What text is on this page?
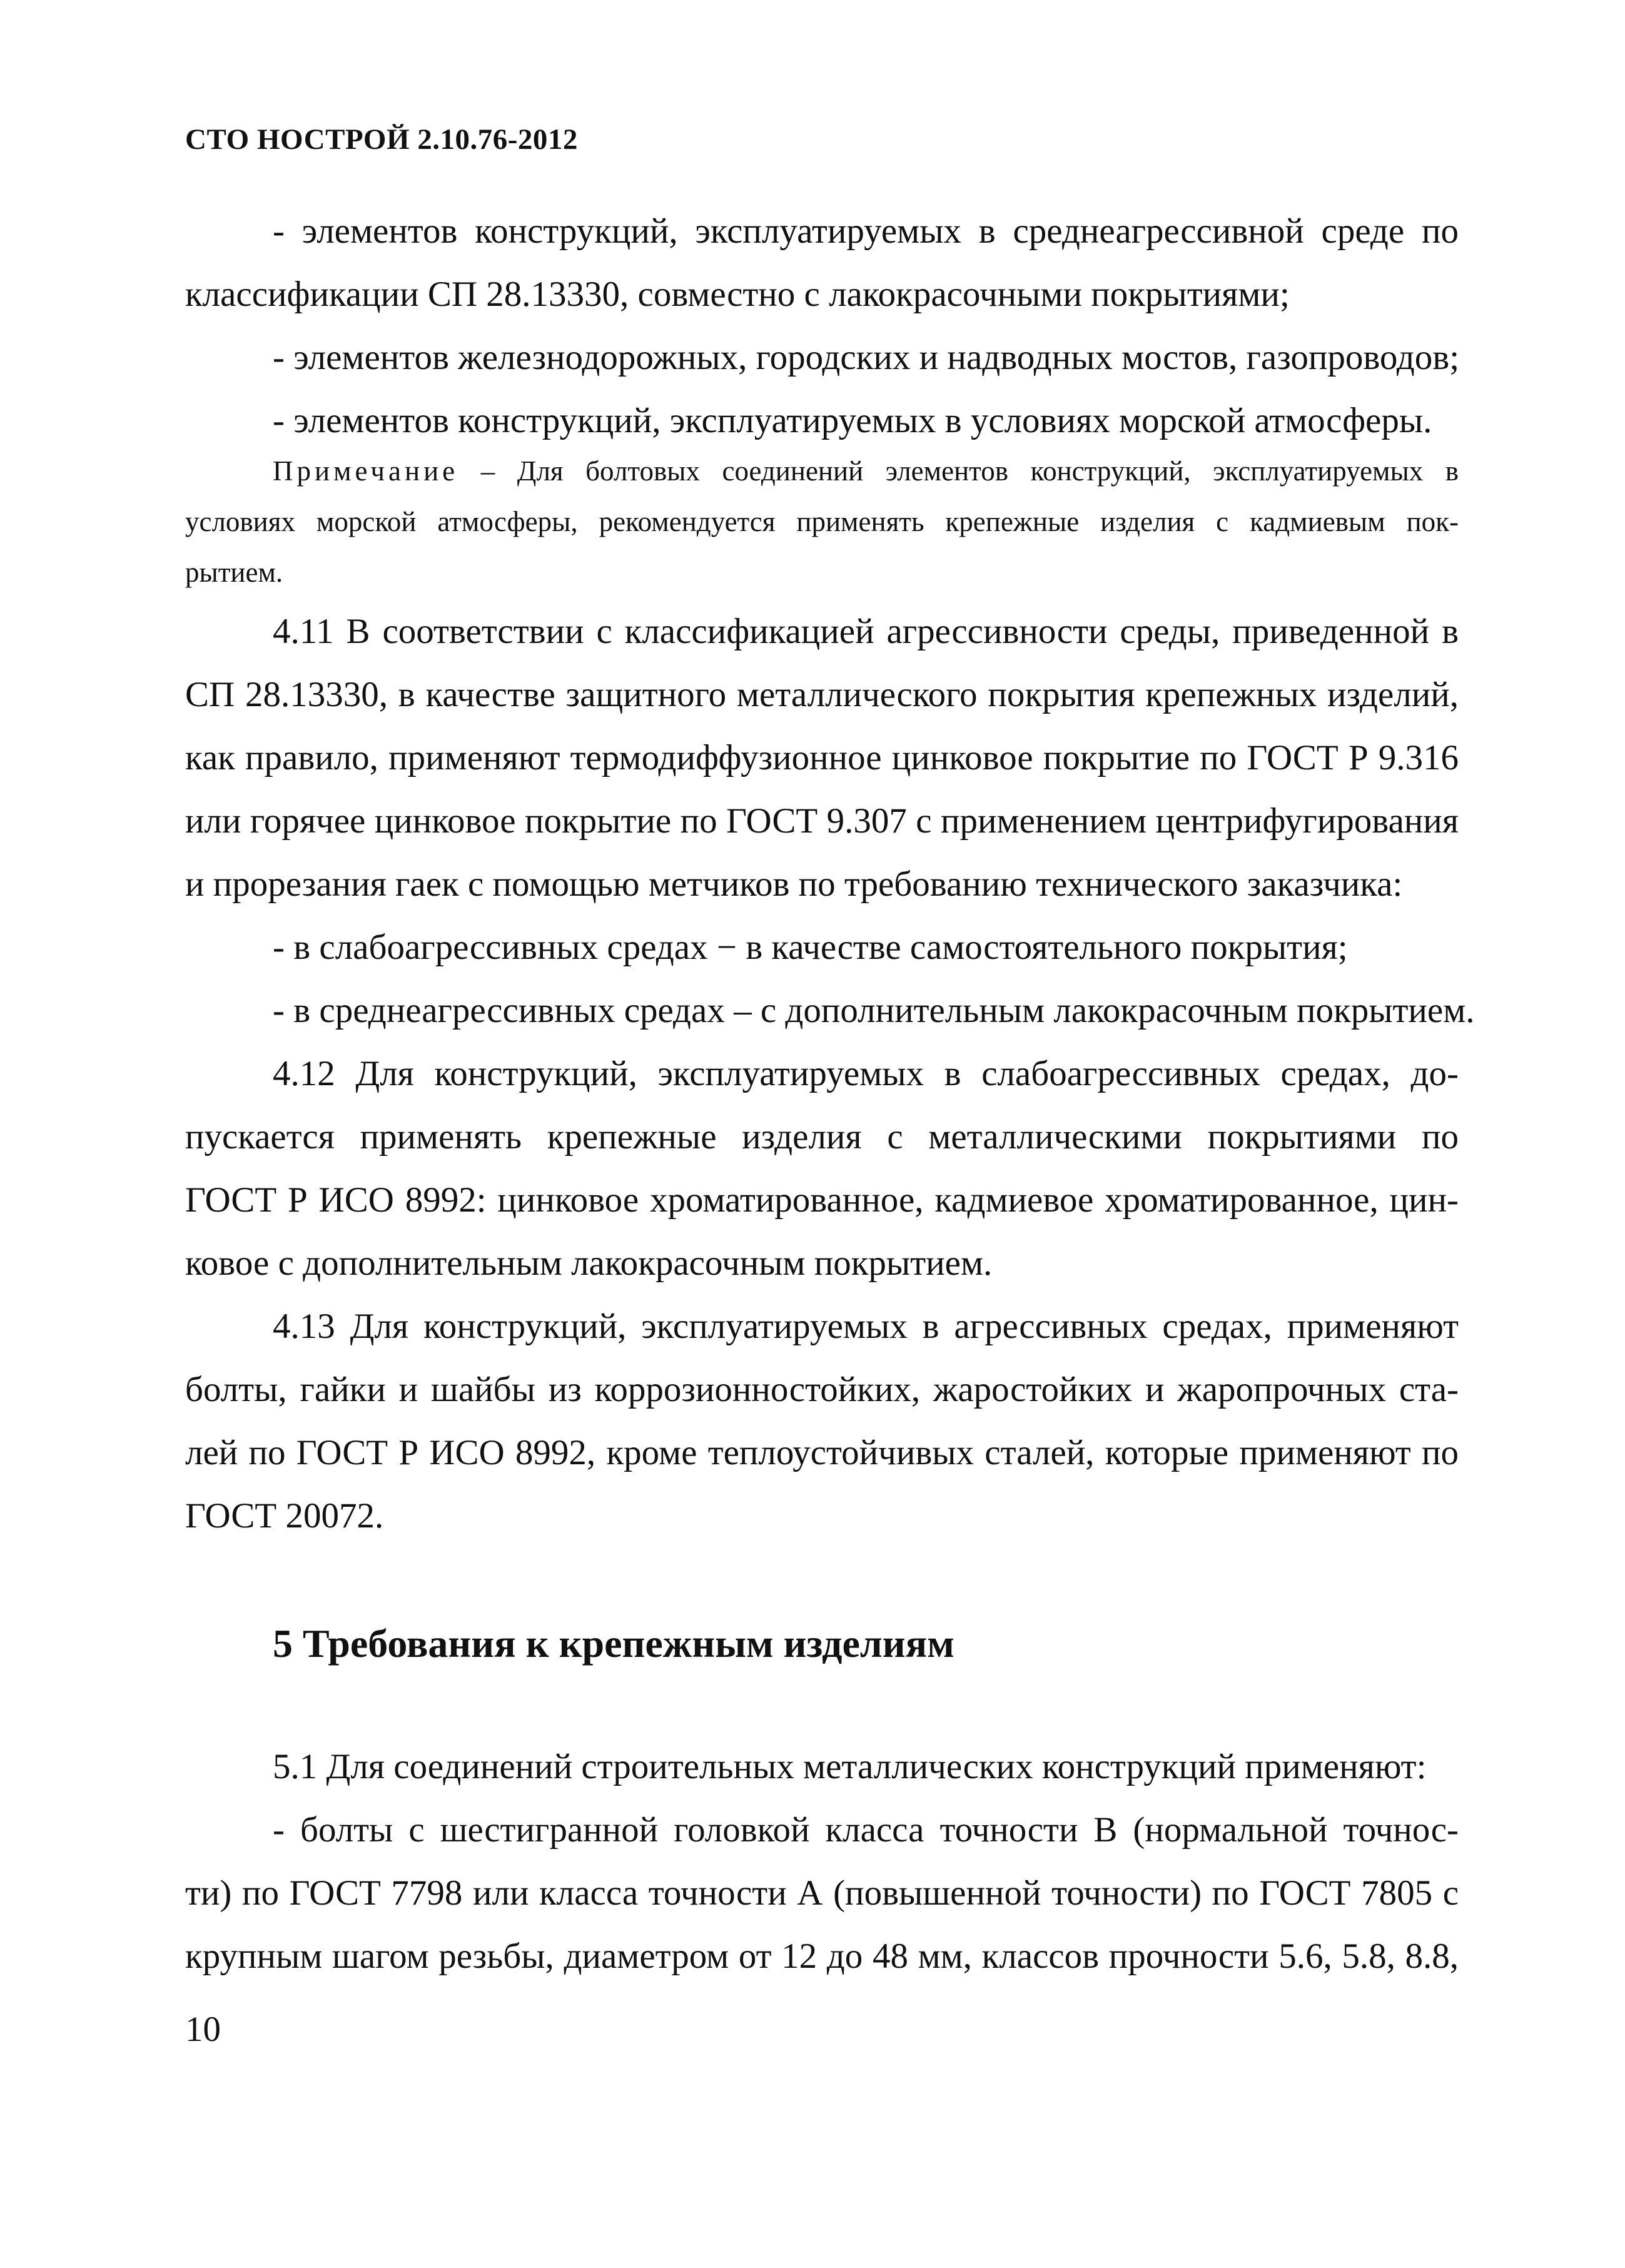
СТО НОСТРОЙ 2.10.76-2012
- элементов конструкций, эксплуатируемых в среднеагрессивной среде по
классификации СП 28.13330, совместно с лакокрасочными покрытиями;
- элементов железнодорожных, городских и надводных мостов, газопроводов;
- элементов конструкций, эксплуатируемых в условиях морской атмосферы.
Примечание – Для болтовых соединений элементов конструкций, эксплуатируемых в
условиях морской атмосферы, рекомендуется применять крепежные изделия с кадмиевым пок-
рытием.
4.11 В соответствии с классификацией агрессивности среды, приведенной в
СП 28.13330, в качестве защитного металлического покрытия крепежных изделий,
как правило, применяют термодиффузионное цинковое покрытие по ГОСТ Р 9.316
или горячее цинковое покрытие по ГОСТ 9.307 с применением центрифугирования
и прорезания гаек с помощью метчиков по требованию технического заказчика:
- в слабоагрессивных средах − в качестве самостоятельного покрытия;
- в среднеагрессивных средах – с дополнительным лакокрасочным покрытием.
4.12 Для конструкций, эксплуатируемых в слабоагрессивных средах, до-
пускается применять крепежные изделия с металлическими покрытиями по
ГОСТ Р ИСО 8992: цинковое хроматированное, кадмиевое хроматированное, цин-
ковое с дополнительным лакокрасочным покрытием.
4.13 Для конструкций, эксплуатируемых в агрессивных средах, применяют
болты, гайки и шайбы из коррозионностойких, жаростойких и жаропрочных ста-
лей по ГОСТ Р ИСО 8992, кроме теплоустойчивых сталей, которые применяют по
ГОСТ 20072.
5 Требования к крепежным изделиям
5.1 Для соединений строительных металлических конструкций применяют:
- болты с шестигранной головкой класса точности В (нормальной точнос-
ти) по ГОСТ 7798 или класса точности А (повышенной точности) по ГОСТ 7805 с
крупным шагом резьбы, диаметром от 12 до 48 мм, классов прочности 5.6, 5.8, 8.8,
10
